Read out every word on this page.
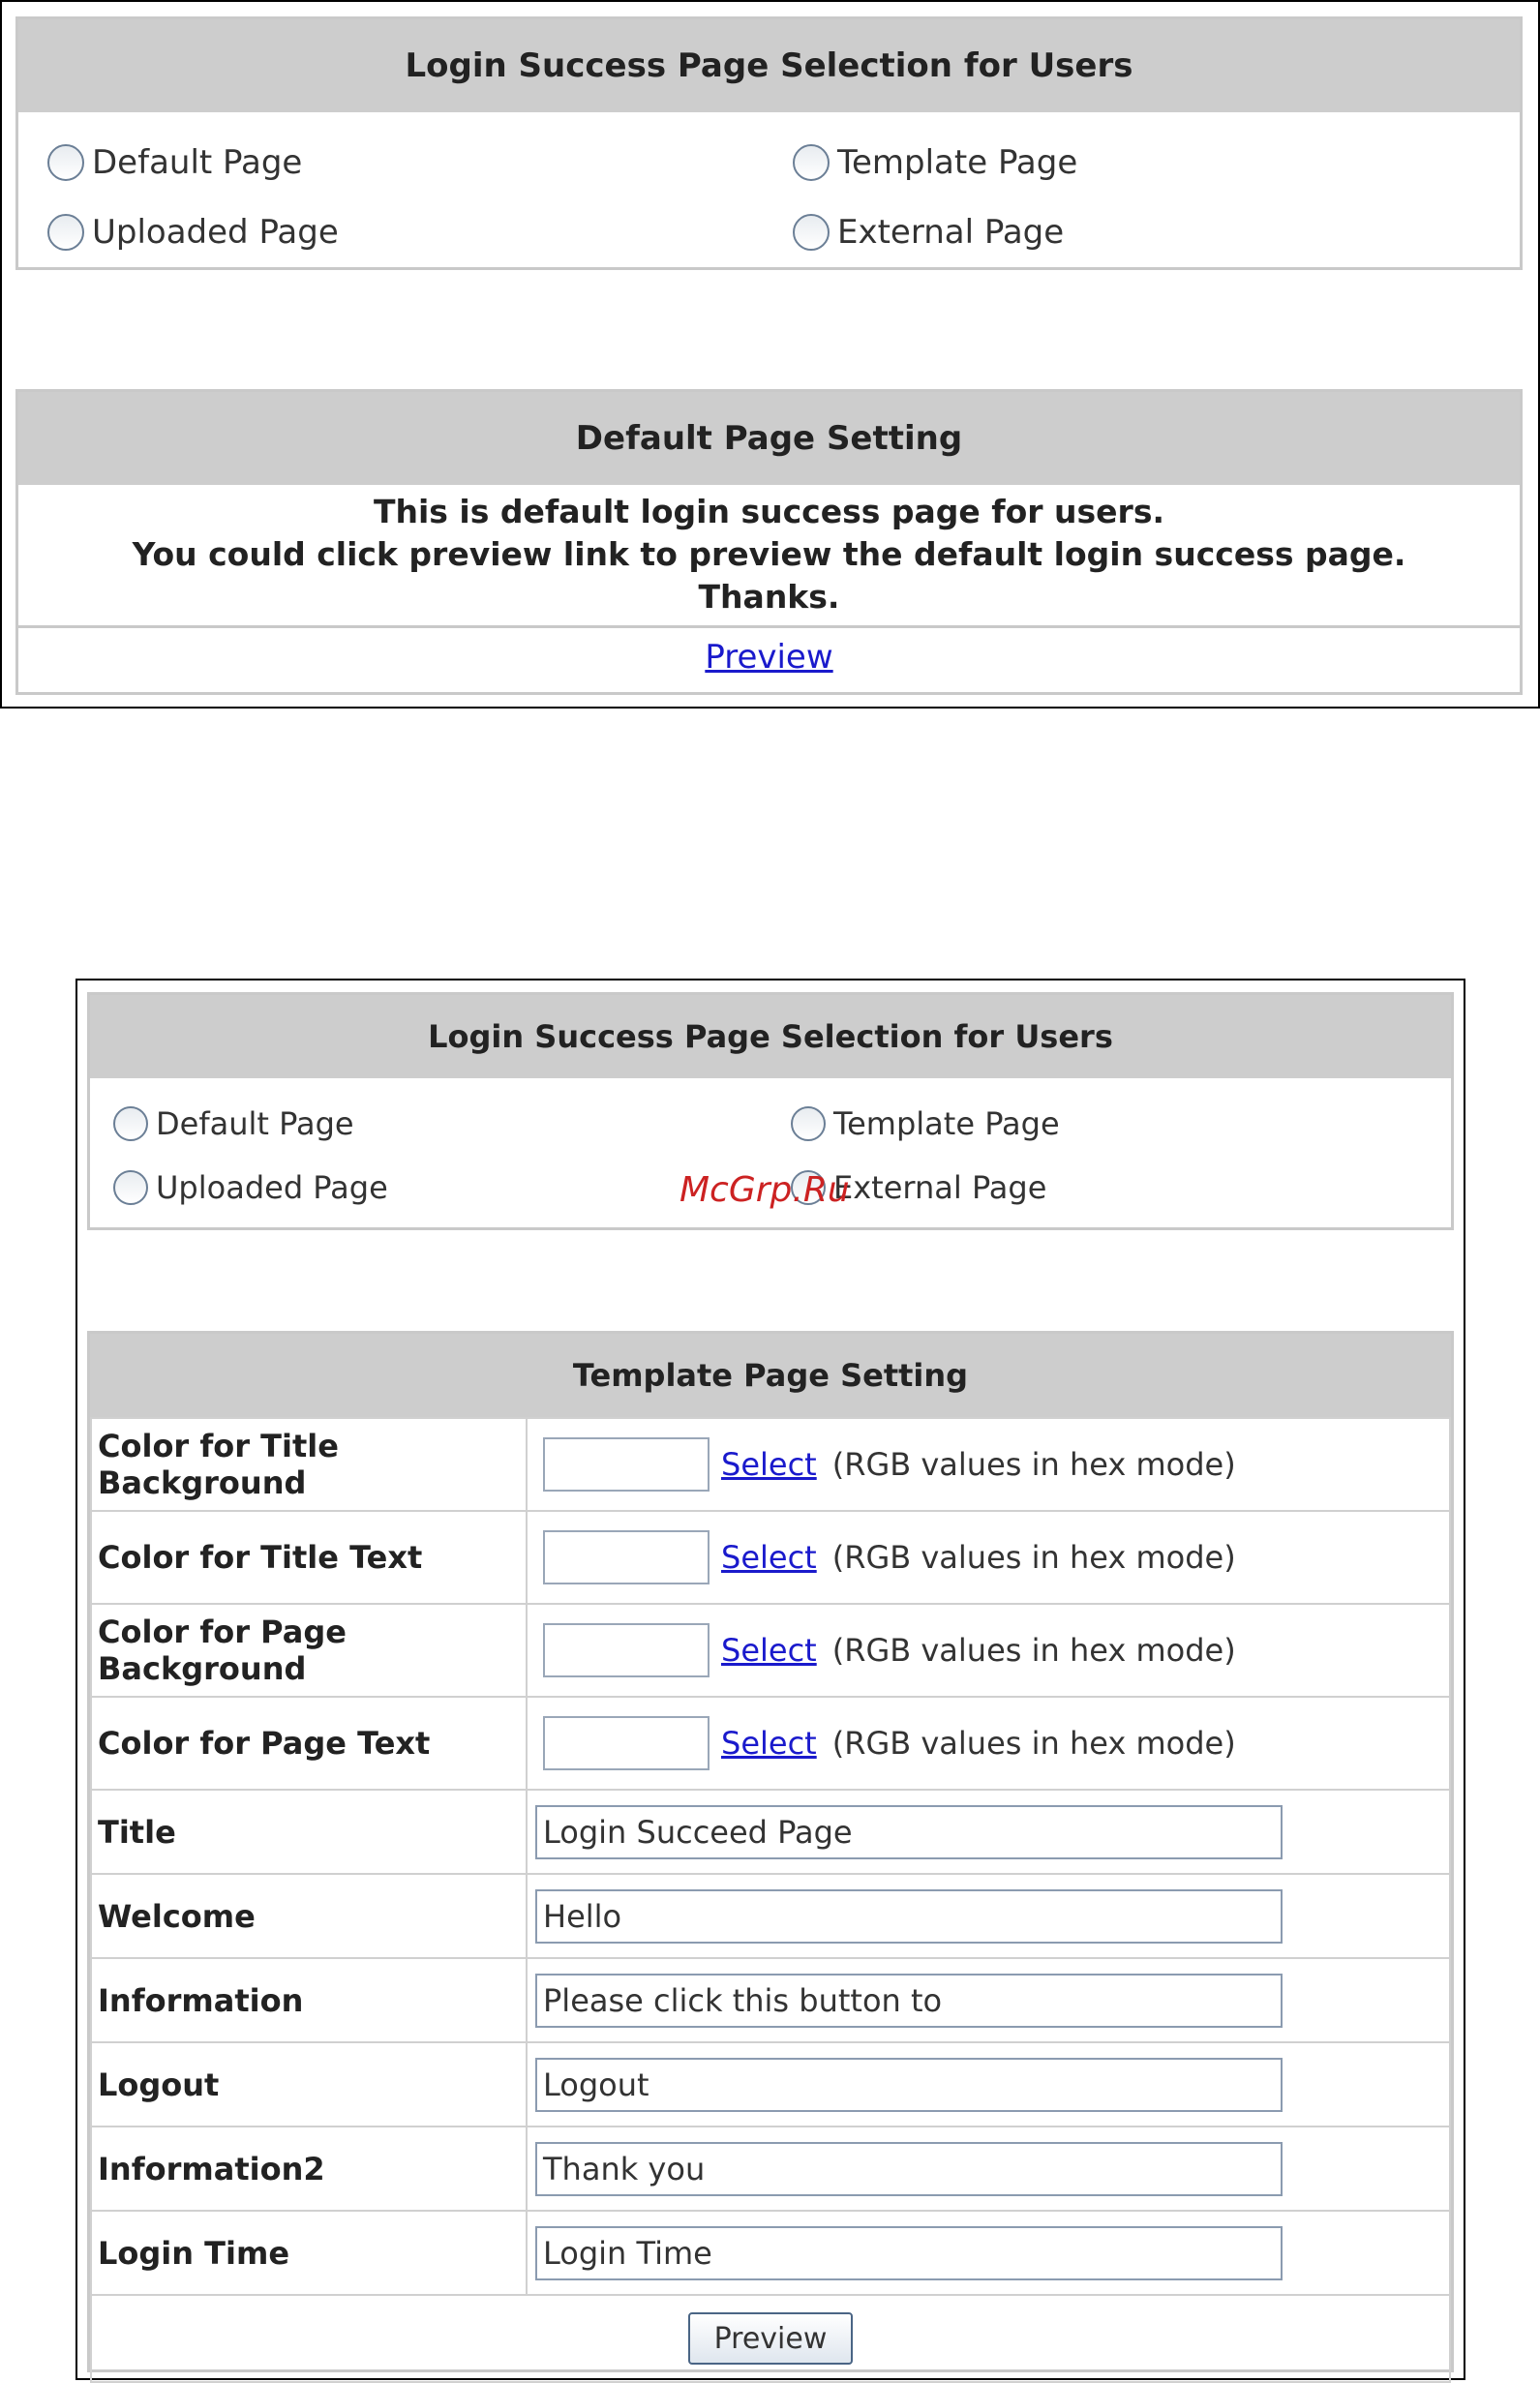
Login Success Page Selection for Users
Default Page	Template Page
Uploaded Page	External Page
Default Page Setting
This is default login success page for users.
You could click preview link to preview the default login success page.
Thanks.
Preview
Login Success Page Selection for Users
Default Page	Template Page
Uploaded Page	External Page
McGrp.Ru
Template Page Setting
Color for Title Background	Select (RGB values in hex mode)
Color for Title Text	Select (RGB values in hex mode)
Color for Page Background	Select (RGB values in hex mode)
Color for Page Text	Select (RGB values in hex mode)
Title	Login Succeed Page

Welcome	Hello

Information	Please click this button to

Logout	Logout

Information2	Thank you

Login Time	Login Time

Preview	
